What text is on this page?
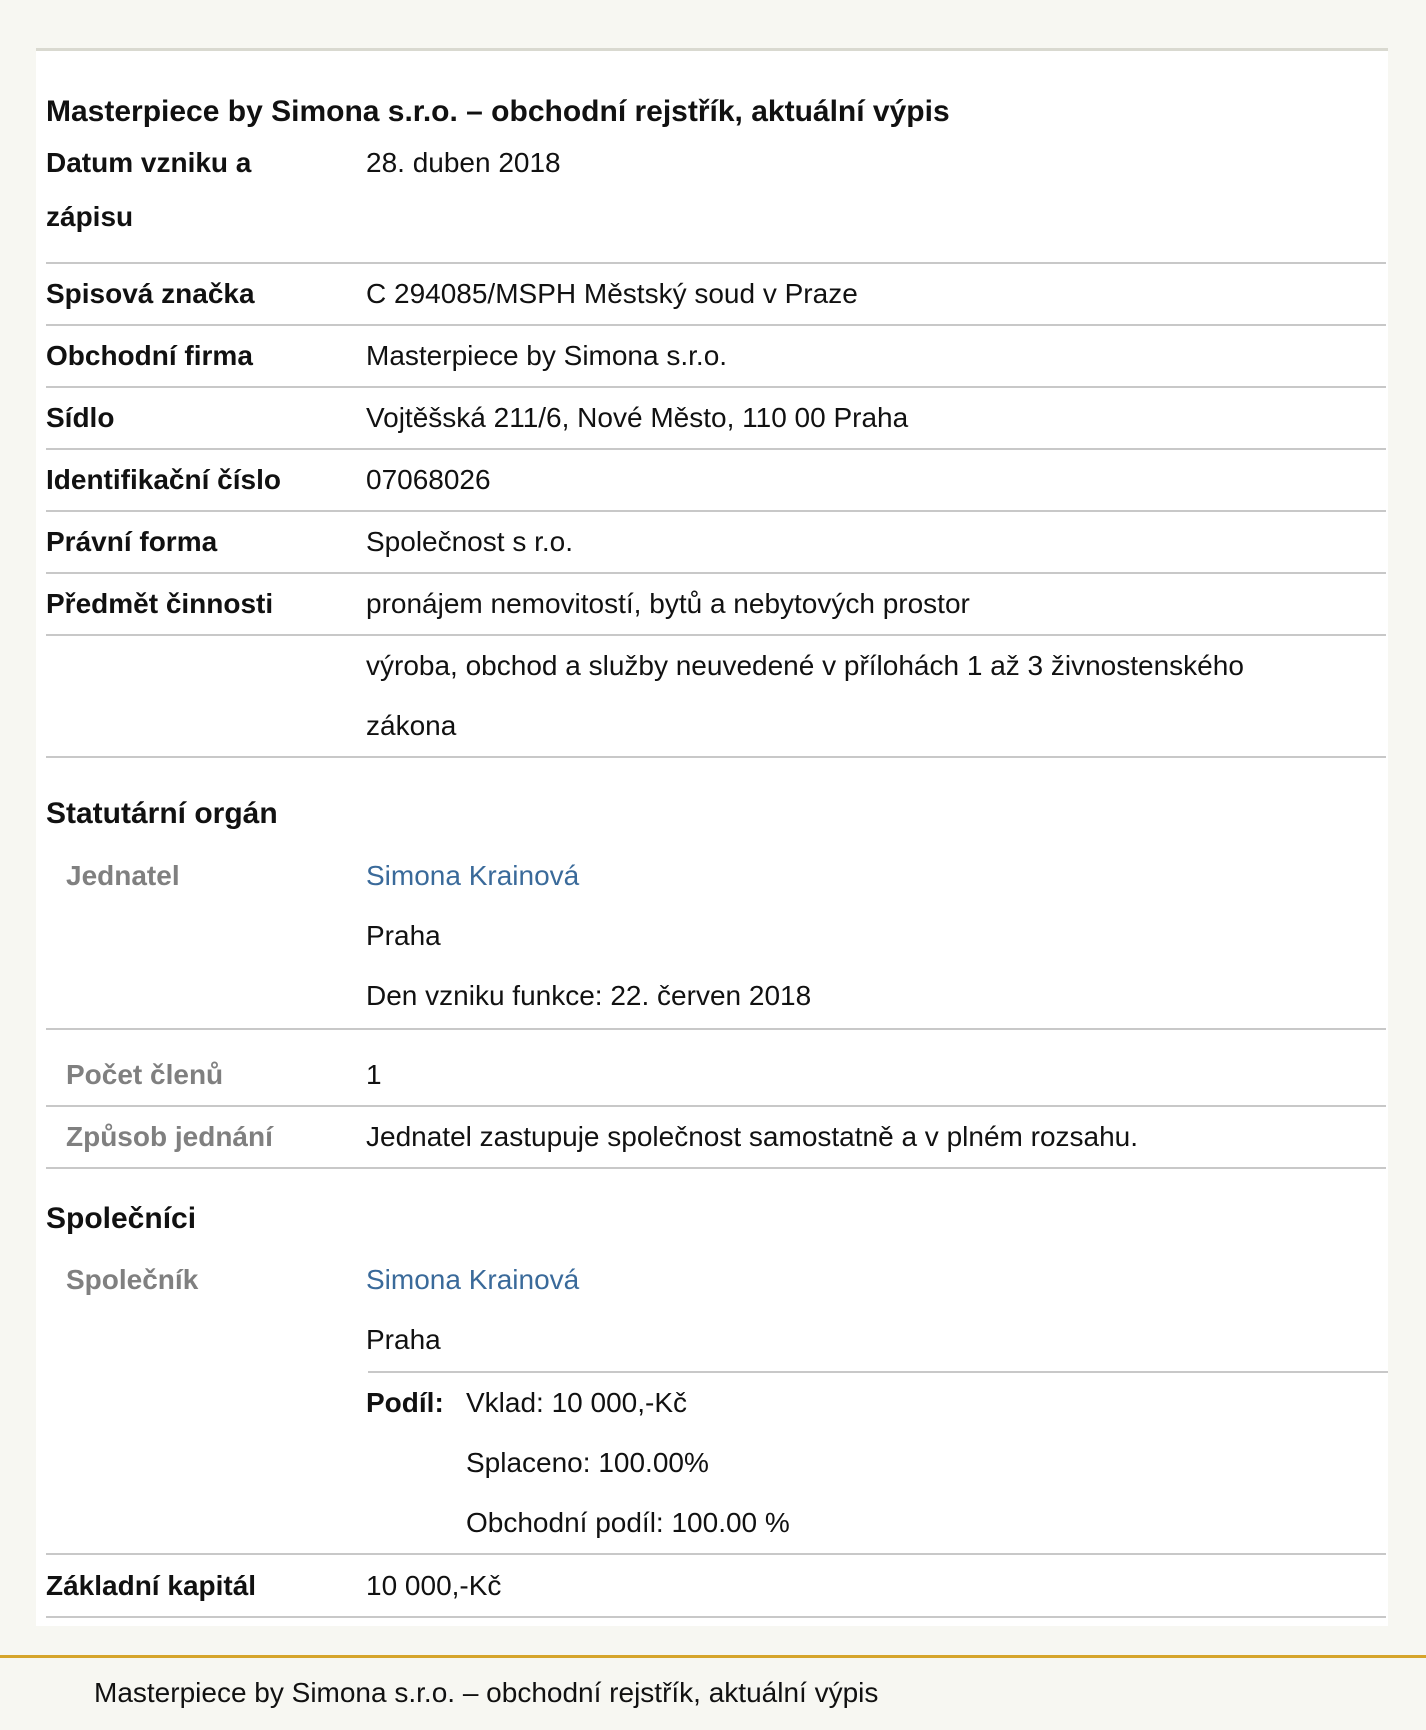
Masterpiece by Simona s.r.o. – obchodní rejstřík, aktuální výpis
Datum vzniku a
zápisu
28. duben 2018
Spisová značka	C 294085/MSPH Městský soud v Praze
Obchodní firma	Masterpiece by Simona s.r.o.
Sídlo	Vojtěšská 211/6, Nové Město, 110 00 Praha
Identifikační číslo	07068026
Právní forma	Společnost s r.o.
Předmět činnosti	pronájem nemovitostí, bytů a nebytových prostor
výroba, obchod a služby neuvedené v přílohách 1 až 3 živnostenského
zákona
Statutární orgán
Jednatel	Simona Krainová
Praha
Den vzniku funkce: 22. červen 2018
Počet členů	1
Způsob jednání	Jednatel zastupuje společnost samostatně a v plném rozsahu.
Společníci
Společník	Simona Krainová
Praha
Podíl: Vklad: 10 000,-Kč
Splaceno: 100.00%
Obchodní podíl: 100.00 %
Základní kapitál	10 000,-Kč
Masterpiece by Simona s.r.o. – obchodní rejstřík, aktuální výpis
